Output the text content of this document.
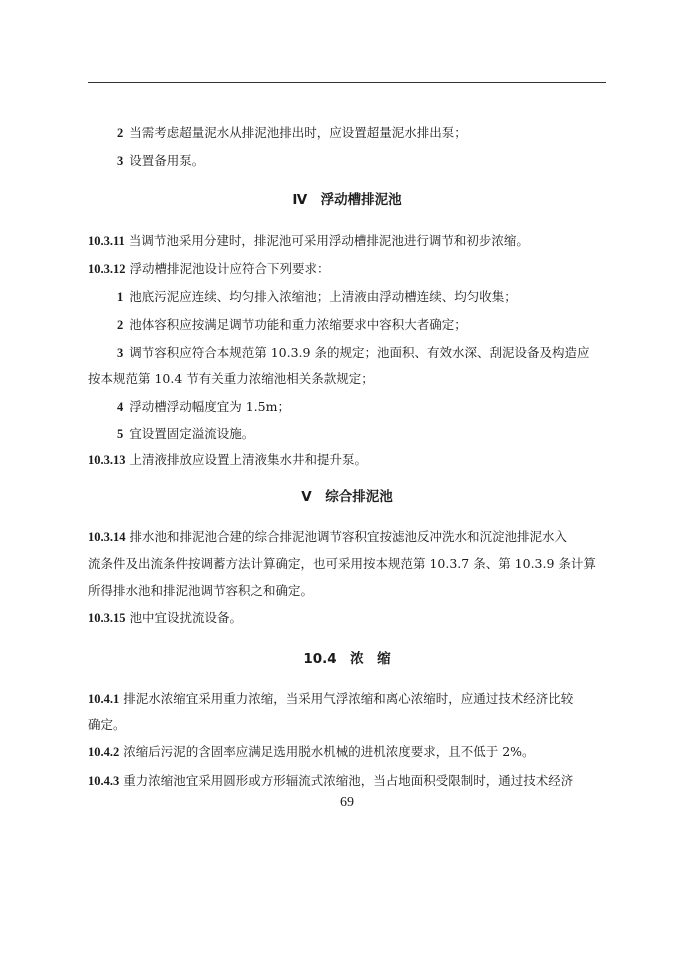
2 当需考虑超量泥水从排泥池排出时，应设置超量泥水排出泵；
3 设置备用泵。
Ⅳ　浮动槽排泥池
10.3.11 当调节池采用分建时，排泥池可采用浮动槽排泥池进行调节和初步浓缩。
10.3.12 浮动槽排泥池设计应符合下列要求：
1 池底污泥应连续、均匀排入浓缩池；上清液由浮动槽连续、均匀收集；
2 池体容积应按满足调节功能和重力浓缩要求中容积大者确定；
3 调节容积应符合本规范第 10.3.9 条的规定；池面积、有效水深、刮泥设备及构造应
按本规范第 10.4 节有关重力浓缩池相关条款规定；
4 浮动槽浮动幅度宜为 1.5m；
5 宜设置固定溢流设施。
10.3.13 上清液排放应设置上清液集水井和提升泵。
Ⅴ　综合排泥池
10.3.14 排水池和排泥池合建的综合排泥池调节容积宜按滤池反冲洗水和沉淀池排泥水入
流条件及出流条件按调蓄方法计算确定，也可采用按本规范第 10.3.7 条、第 10.3.9 条计算
所得排水池和排泥池调节容积之和确定。
10.3.15 池中宜设扰流设备。
10.4　浓　缩
10.4.1 排泥水浓缩宜采用重力浓缩，当采用气浮浓缩和离心浓缩时，应通过技术经济比较
确定。
10.4.2 浓缩后污泥的含固率应满足选用脱水机械的进机浓度要求，且不低于 2%。
10.4.3 重力浓缩池宜采用圆形或方形辐流式浓缩池，当占地面积受限制时，通过技术经济
69
